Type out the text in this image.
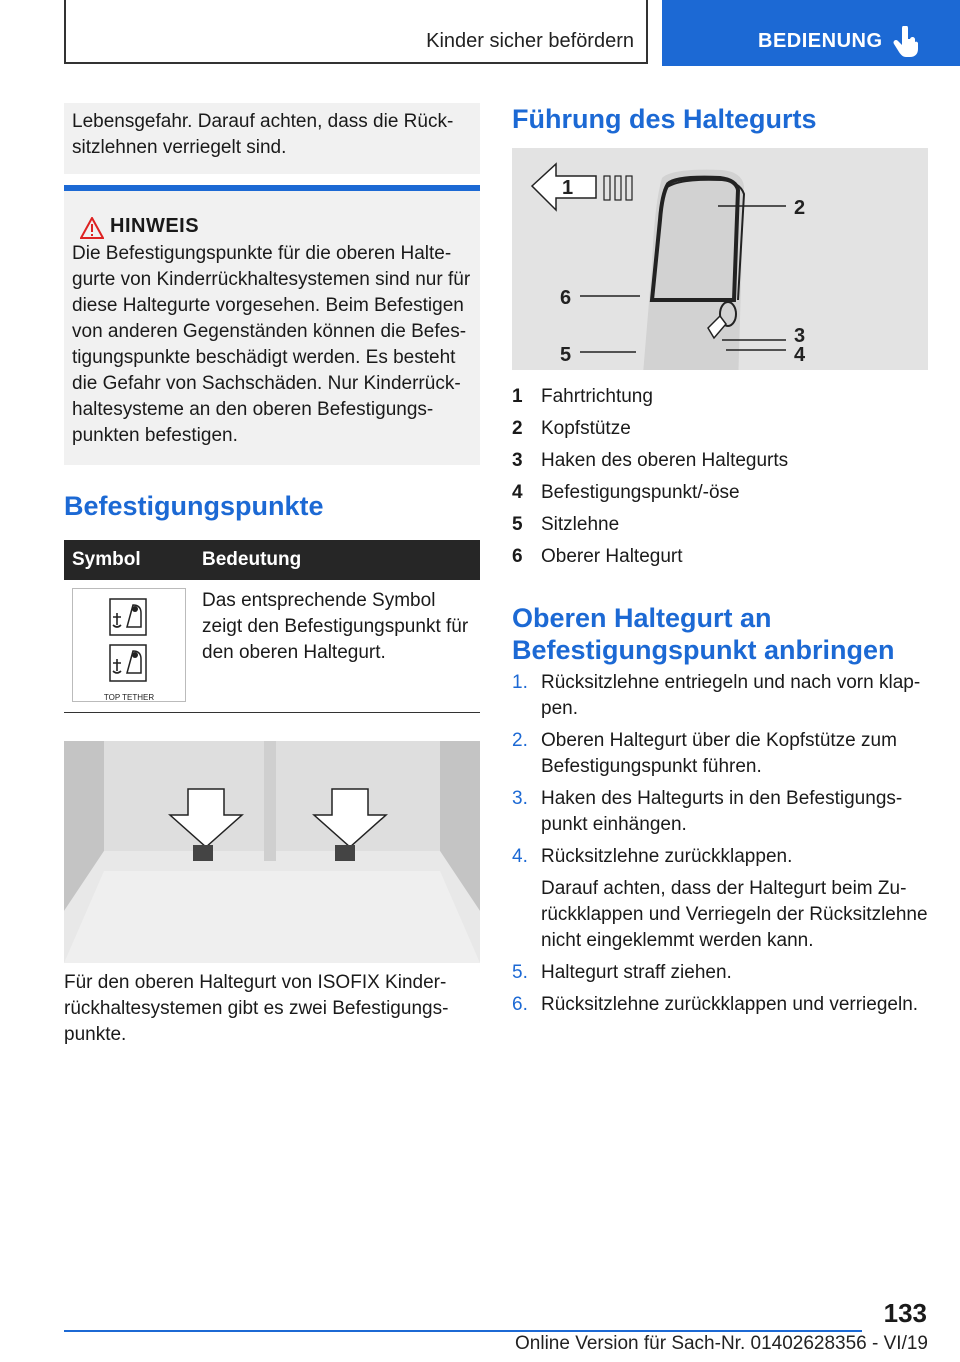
Kinder sicher befördern	BEDIENUNG
Lebensgefahr. Darauf achten, dass die Rücksitzlehnen verriegelt sind.
HINWEIS
Die Befestigungspunkte für die oberen Haltegurte von Kinderrückhaltesystemen sind nur für diese Haltegurte vorgesehen. Beim Befestigen von anderen Gegenständen können die Befestigungspunkte beschädigt werden. Es besteht die Gefahr von Sachschäden. Nur Kinderrückhaltesysteme an den oberen Befestigungspunkten befestigen.
Befestigungspunkte
Symbol	Bedeutung

TOP TETHER	Das entsprechende Symbol zeigt den Befestigungspunkt für den oberen Haltegurt.
Für den oberen Haltegurt von ISOFIX Kinderrückhaltesystemen gibt es zwei Befestigungspunkte.
Führung des Haltegurts
1
2
3
4
5
6
1 Fahrtrichtung
2 Kopfstütze
3 Haken des oberen Haltegurts
4 Befestigungspunkt/-öse
5 Sitzlehne
6 Oberer Haltegurt
Oberen Haltegurt an Befestigungspunkt anbringen
1. Rücksitzlehne entriegeln und nach vorn klappen.
2. Oberen Haltegurt über die Kopfstütze zum Befestigungspunkt führen.
3. Haken des Haltegurts in den Befestigungspunkt einhängen.
4. Rücksitzlehne zurückklappen.
Darauf achten, dass der Haltegurt beim Zurückklappen und Verriegeln der Rücksitzlehne nicht eingeklemmt werden kann.
5. Haltegurt straff ziehen.
6. Rücksitzlehne zurückklappen und verriegeln.
133
Online Version für Sach-Nr. 01402628356 - VI/19
